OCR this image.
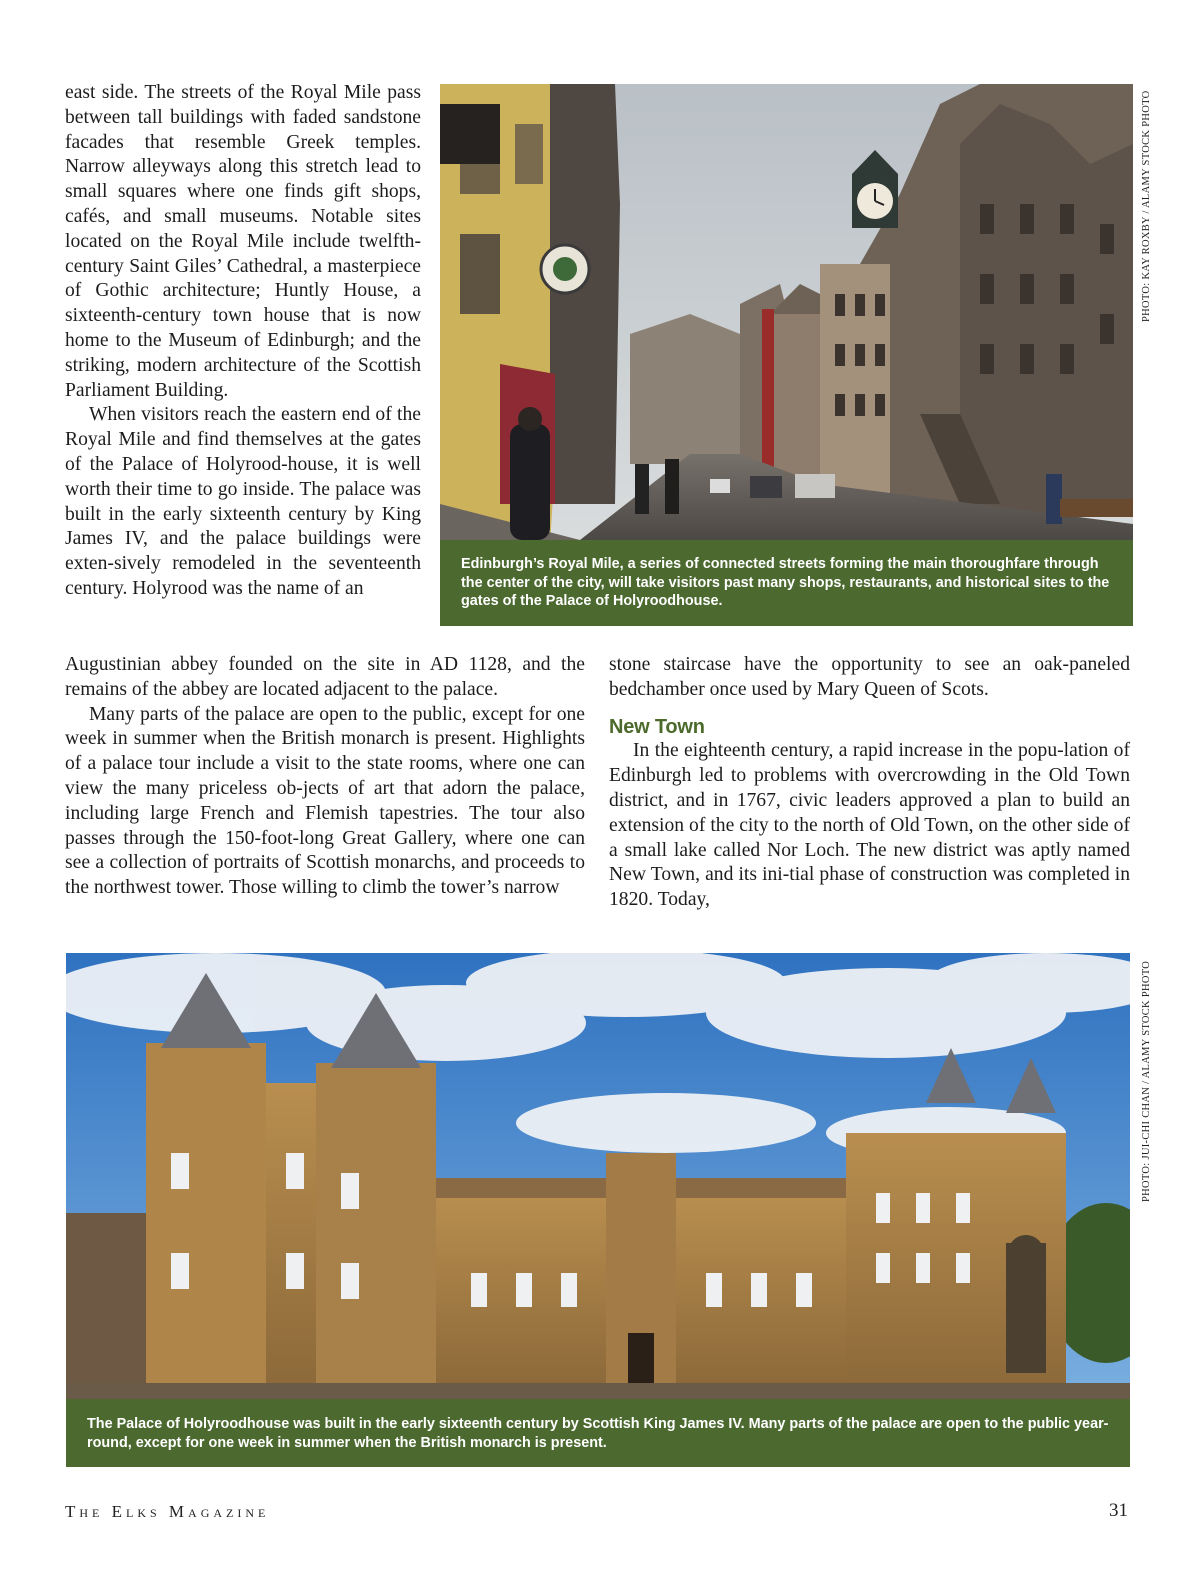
east side. The streets of the Royal Mile pass between tall buildings with faded sandstone facades that resemble Greek temples. Narrow alleyways along this stretch lead to small squares where one finds gift shops, cafés, and small museums. Notable sites located on the Royal Mile include twelfth-century Saint Giles’ Cathedral, a masterpiece of Gothic architecture; Huntly House, a sixteenth-century town house that is now home to the Museum of Edinburgh; and the striking, modern architecture of the Scottish Parliament Building.

When visitors reach the eastern end of the Royal Mile and find themselves at the gates of the Palace of Holyrood-house, it is well worth their time to go inside. The palace was built in the early sixteenth century by King James IV, and the palace buildings were exten-sively remodeled in the seventeenth century. Holyrood was the name of an

Edinburgh’s Royal Mile, a series of connected streets forming the main thoroughfare through the center of the city, will take visitors past many shops, restaurants, and historical sites to the gates of the Palace of Holyroodhouse.
PHOTO: KAY ROXBY / ALAMY STOCK PHOTO

Augustinian abbey founded on the site in AD 1128, and the remains of the abbey are located adjacent to the palace.

Many parts of the palace are open to the public, except for one week in summer when the British monarch is present. Highlights of a palace tour include a visit to the state rooms, where one can view the many priceless ob-jects of art that adorn the palace, including large French and Flemish tapestries. The tour also passes through the 150-foot-long Great Gallery, where one can see a collection of portraits of Scottish monarchs, and proceeds to the northwest tower. Those willing to climb the tower’s narrow

stone staircase have the opportunity to see an oak-paneled bedchamber once used by Mary Queen of Scots.

New Town

In the eighteenth century, a rapid increase in the popu-lation of Edinburgh led to problems with overcrowding in the Old Town district, and in 1767, civic leaders approved a plan to build an extension of the city to the north of Old Town, on the other side of a small lake called Nor Loch. The new district was aptly named New Town, and its ini-tial phase of construction was completed in 1820. Today,

The Palace of Holyroodhouse was built in the early sixteenth century by Scottish King James IV. Many parts of the palace are open to the public year-round, except for one week in summer when the British monarch is present.
PHOTO: JUI-CHI CHAN / ALAMY STOCK PHOTO
The Elks Magazine	31
